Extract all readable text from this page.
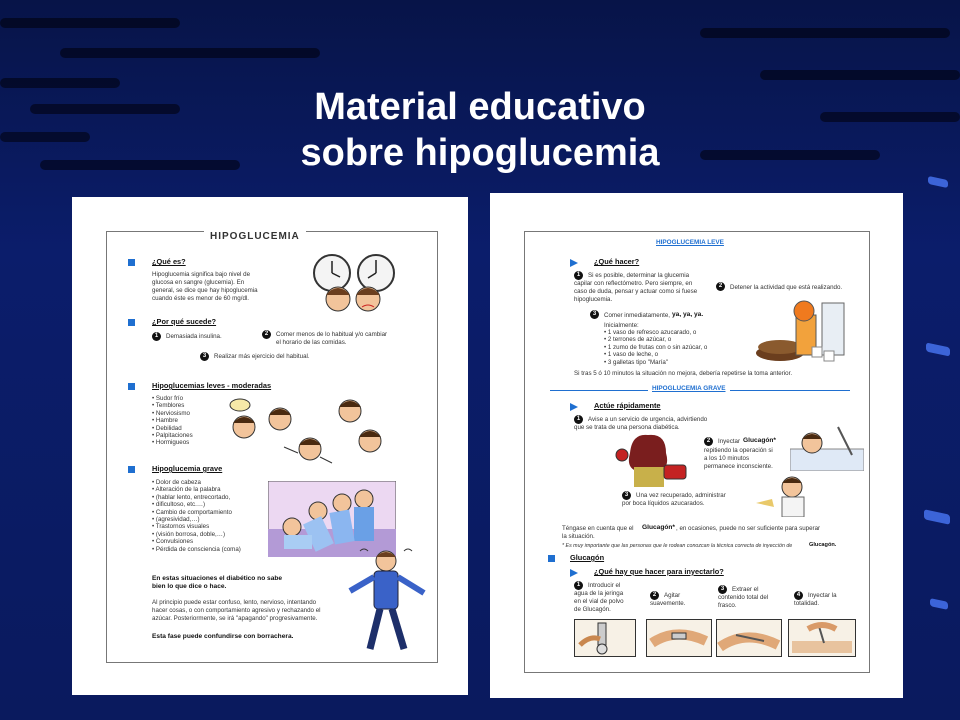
Material educativo
sobre hipoglucemia
HIPOGLUCEMIA
¿Qué es?
Hipoglucemia significa bajo nivel de
glucosa en sangre (glucemia). En
general, se dice que hay hipoglucemia
cuando éste es menor de 60 mg/dl.
¿Por qué sucede?
1	Demasiada insulina.	2	Comer menos de lo habitual y/o cambiar
el horario de las comidas.
3	Realizar más ejercicio del habitual.
Hipoglucemias leves - moderadas
• Sudor frío
• Temblores
• Nerviosismo
• Hambre
• Debilidad
• Palpitaciones
• Hormigueos
Hipoglucemia grave
• Dolor de cabeza
• Alteración de la palabra
• (hablar lento, entrecortado,
• dificultoso, etc.…)
• Cambio de comportamiento
• (agresividad,…)
• Trastornos visuales
• (visión borrosa, doble,…)
• Convulsiones
• Pérdida de consciencia (coma)
En estas situaciones el diabético no sabe
bien lo que dice o hace.
Al principio puede estar confuso, lento, nervioso, intentando
hacer cosas, o con comportamiento agresivo y rechazando el
azúcar. Posteriormente, se irá "apagando" progresivamente.
Esta fase puede confundirse con borrachera.
HIPOGLUCEMIA LEVE
¿Qué hacer?
1	Si es posible, determinar la glucemia
capilar con reflectómetro. Pero siempre, en
caso de duda, pensar y actuar como si fuese
hipoglucemia.
2	Detener la actividad que está realizando.
3	Comer inmediatamente, ya, ya, ya.
Inicialmente:
• 1 vaso de refresco azucarado, o
• 2 terrones de azúcar, o
• 1 zumo de frutas con o sin azúcar, o
• 1 vaso de leche, o
• 3 galletas tipo "María"
Si tras 5 ó 10 minutos la situación no mejora, debería repetirse la toma anterior.
HIPOGLUCEMIA GRAVE
Actúe rápidamente
1	Avise a un servicio de urgencia, advirtiendo
que se trata de una persona diabética.
2	Inyectar Glucagón*
repitiendo la operación si
a los 10 minutos
permanece inconsciente.
3	Una vez recuperado, administrar
por boca líquidos azucarados.
Téngase en cuenta que el Glucagón* , en ocasiones, puede no ser suficiente para superar
la situación.
* Es muy importante que las personas que le rodean conozcan la técnica correcta de inyección de	Glucagón.
Glucagón
¿Qué hay que hacer para inyectarlo?
1	Introducir el
agua de la jeringa
en el vial de polvo
de Glucagón.
2	Agitar
suavemente.
3	Extraer el
contenido total del
frasco.
4	Inyectar la
totalidad.
